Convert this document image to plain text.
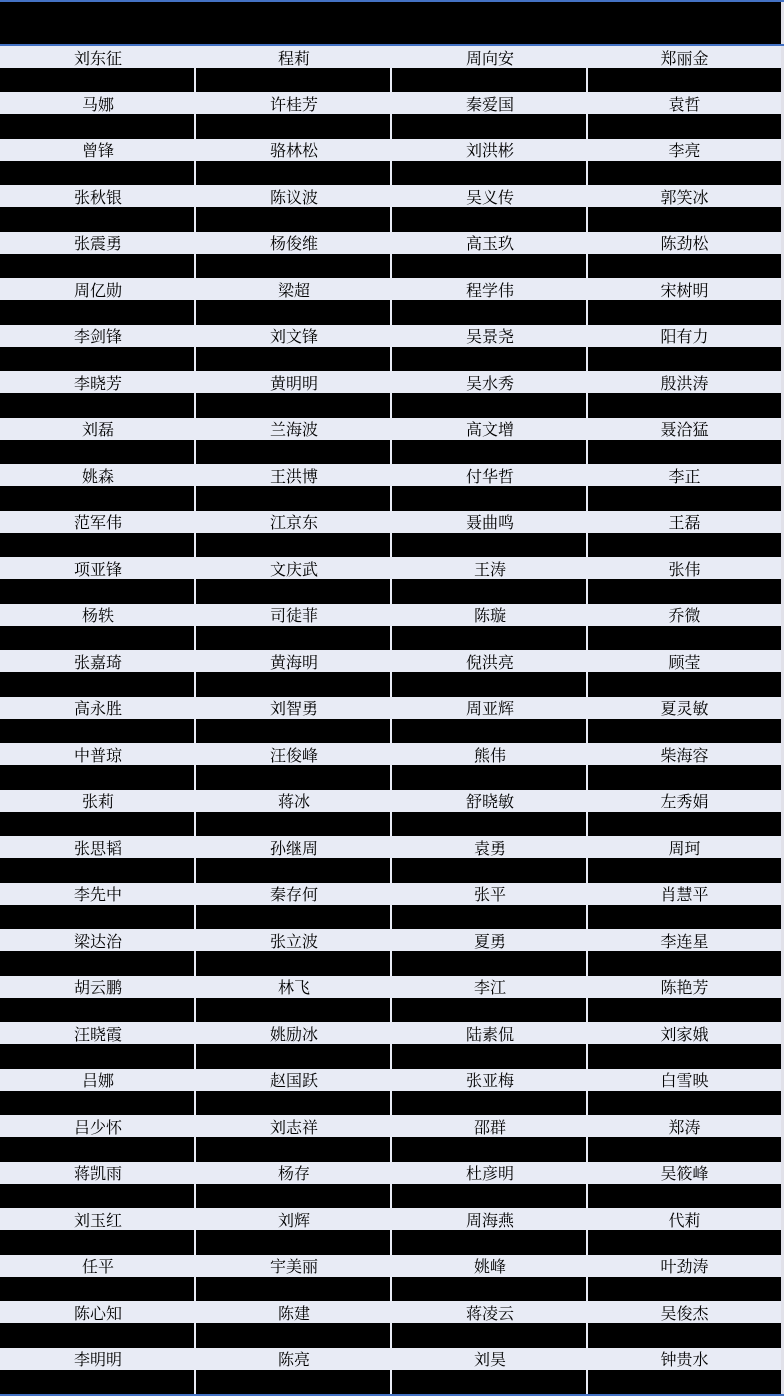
刘东征	程莉	周向安	郑丽金
马娜	许桂芳	秦爱国	袁哲
曾锋	骆林松	刘洪彬	李亮
张秋银	陈议波	吴义传	郭笑冰
张震勇	杨俊维	高玉玖	陈劲松
周亿勋	梁超	程学伟	宋树明
李剑锋	刘文锋	吴景尧	阳有力
李晓芳	黄明明	吴水秀	殷洪涛
刘磊	兰海波	高文增	聂洽猛
姚森	王洪博	付华哲	李正
范军伟	江京东	聂曲鸣	王磊
项亚锋	文庆武	王涛	张伟
杨轶	司徒菲	陈璇	乔微
张嘉琦	黄海明	倪洪亮	顾莹
高永胜	刘智勇	周亚辉	夏灵敏
中普琼	汪俊峰	熊伟	柴海容
张莉	蒋冰	舒晓敏	左秀娟
张思韬	孙继周	袁勇	周珂
李先中	秦存何	张平	肖慧平
梁达治	张立波	夏勇	李连星
胡云鹏	林飞	李江	陈艳芳
汪晓霞	姚励冰	陆素侃	刘家娥
吕娜	赵国跃	张亚梅	白雪映
吕少怀	刘志祥	邵群	郑涛
蒋凯雨	杨存	杜彦明	吴筱峰
刘玉红	刘辉	周海燕	代莉
任平	宇美丽	姚峰	叶劲涛
陈心知	陈建	蒋凌云	吴俊杰
李明明	陈亮	刘昊	钟贵水
